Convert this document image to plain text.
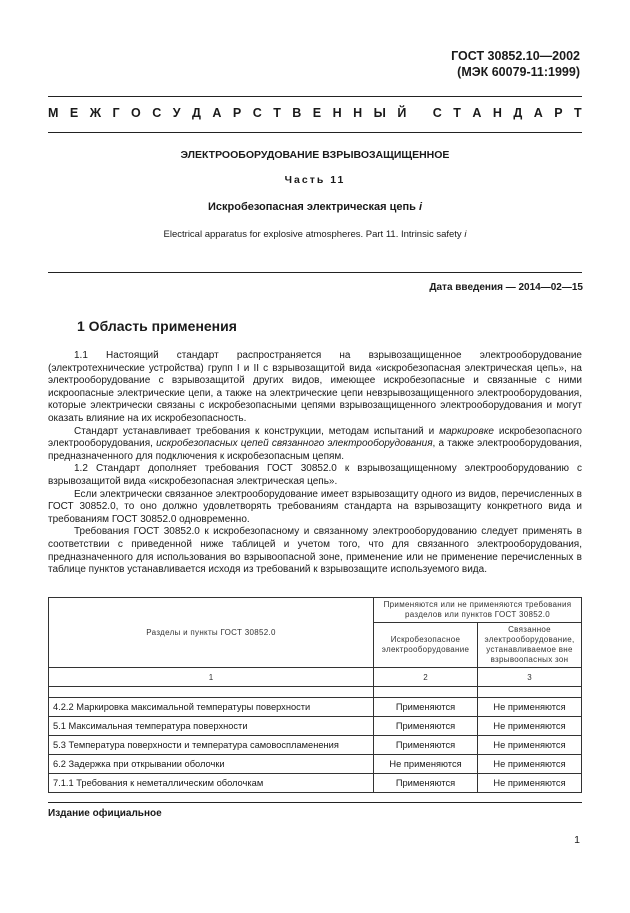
ГОСТ 30852.10—2002
(МЭК 60079-11:1999)
М Е Ж Г О С У Д А Р С Т В Е Н Н Ы Й
С Т А Н Д А Р Т
ЭЛЕКТРООБОРУДОВАНИЕ ВЗРЫВОЗАЩИЩЕННОЕ
Часть 11
Искробезопасная электрическая цепь i
Electrical apparatus for explosive atmospheres. Part 11. Intrinsic safety i
Дата введения — 2014—02—15
1 Область применения

1.1 Настоящий стандарт распространяется на взрывозащищенное электрооборудование (электротехнические устройства) групп I и II с взрывозащитой вида «искробезопасная электрическая цепь», на электрооборудование с взрывозащитой других видов, имеющее искробезопасные и связанные с ними искроопасные электрические цепи, а также на электрические цепи невзрывозащищенного электрооборудования, которые электрически связаны с искробезопасными цепями взрывозащищенного электрооборудования и могут оказать влияние на их искробезопасность.

Стандарт устанавливает требования к конструкции, методам испытаний и маркировке искробезопасного электрооборудования, искробезопасных цепей связанного электрооборудования, а также электрооборудования, предназначенного для подключения к искробезопасным цепям.

1.2 Стандарт дополняет требования ГОСТ 30852.0 к взрывозащищенному электрооборудованию с взрывозащитой вида «искробезопасная электрическая цепь».

Если электрически связанное электрооборудование имеет взрывозащиту одного из видов, перечисленных в ГОСТ 30852.0, то оно должно удовлетворять требованиям стандарта на взрывозащиту конкретного вида и требованиям ГОСТ 30852.0 одновременно.

Требования ГОСТ 30852.0 к искробезопасному и связанному электрооборудованию следует применять в соответствии с приведенной ниже таблицей и учетом того, что для связанного электрооборудования, предназначенного для использования во взрывоопасной зоне, применение или не применение перечисленных в таблице пунктов устанавливается исходя из требований к взрывозащите используемого вида.

Разделы и пункты ГОСТ 30852.0	Применяются или не применяются требования разделов или пунктов ГОСТ 30852.0	
	Искробезопасное электрооборудование	Связанное электрооборудование, устанавливаемое вне взрывоопасных зон
1	2	3

4.2.2 Маркировка максимальной температуры поверхности	Применяются	Не применяются
5.1 Максимальная температура поверхности	Применяются	Не применяются
5.3 Температура поверхности и температура самовоспламенения	Применяются	Не применяются
6.2 Задержка при открывании оболочки	Не применяются	Не применяются
7.1.1 Требования к неметаллическим оболочкам	Применяются	Не применяются
Издание официальное
1
